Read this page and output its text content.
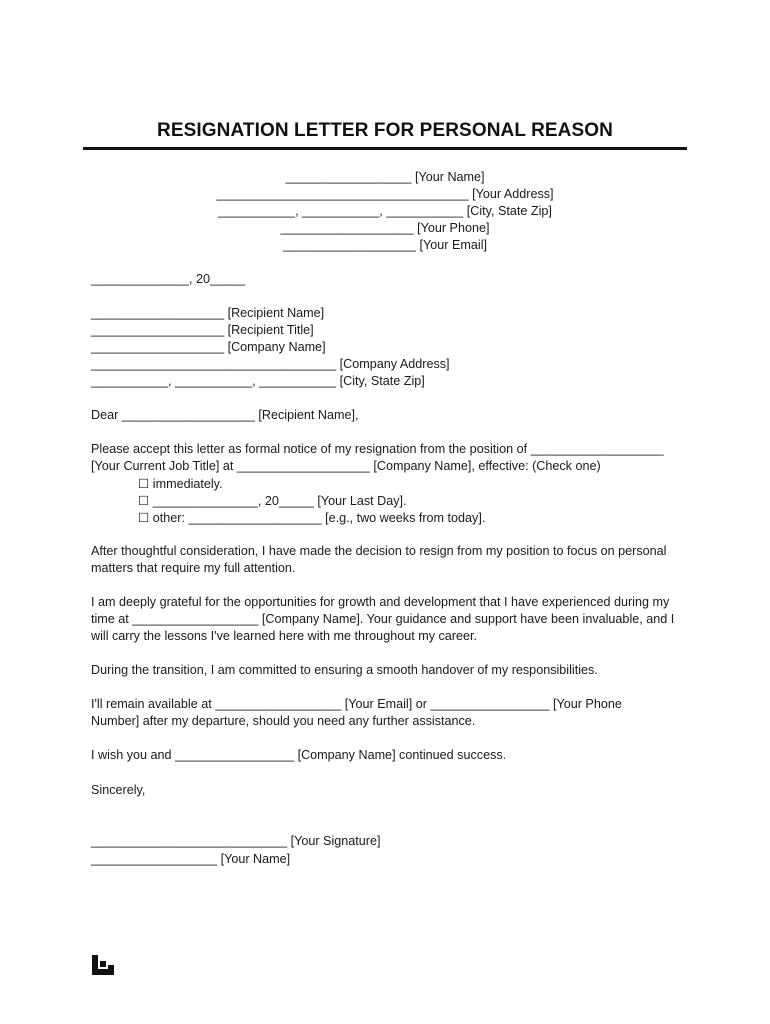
RESIGNATION LETTER FOR PERSONAL REASON
__________________ [Your Name]
____________________________________ [Your Address]
___________, ___________, ___________ [City, State Zip]
___________________ [Your Phone]
___________________ [Your Email]
______________, 20_____
___________________ [Recipient Name]
___________________ [Recipient Title]
___________________ [Company Name]
___________________________________ [Company Address]
___________, ___________, ___________ [City, State Zip]
Dear ___________________ [Recipient Name],
Please accept this letter as formal notice of my resignation from the position of ___________________
[Your Current Job Title] at ___________________ [Company Name], effective: (Check one)
☐ immediately.
☐ _______________, 20_____ [Your Last Day].
☐ other: ___________________ [e.g., two weeks from today].
After thoughtful consideration, I have made the decision to resign from my position to focus on personal
matters that require my full attention.
I am deeply grateful for the opportunities for growth and development that I have experienced during my
time at __________________ [Company Name]. Your guidance and support have been invaluable, and I
will carry the lessons I've learned here with me throughout my career.
During the transition, I am committed to ensuring a smooth handover of my responsibilities.
I'll remain available at __________________ [Your Email] or _________________ [Your Phone
Number] after my departure, should you need any further assistance.
I wish you and _________________ [Company Name] continued success.
Sincerely,
____________________________ [Your Signature]
__________________ [Your Name]
